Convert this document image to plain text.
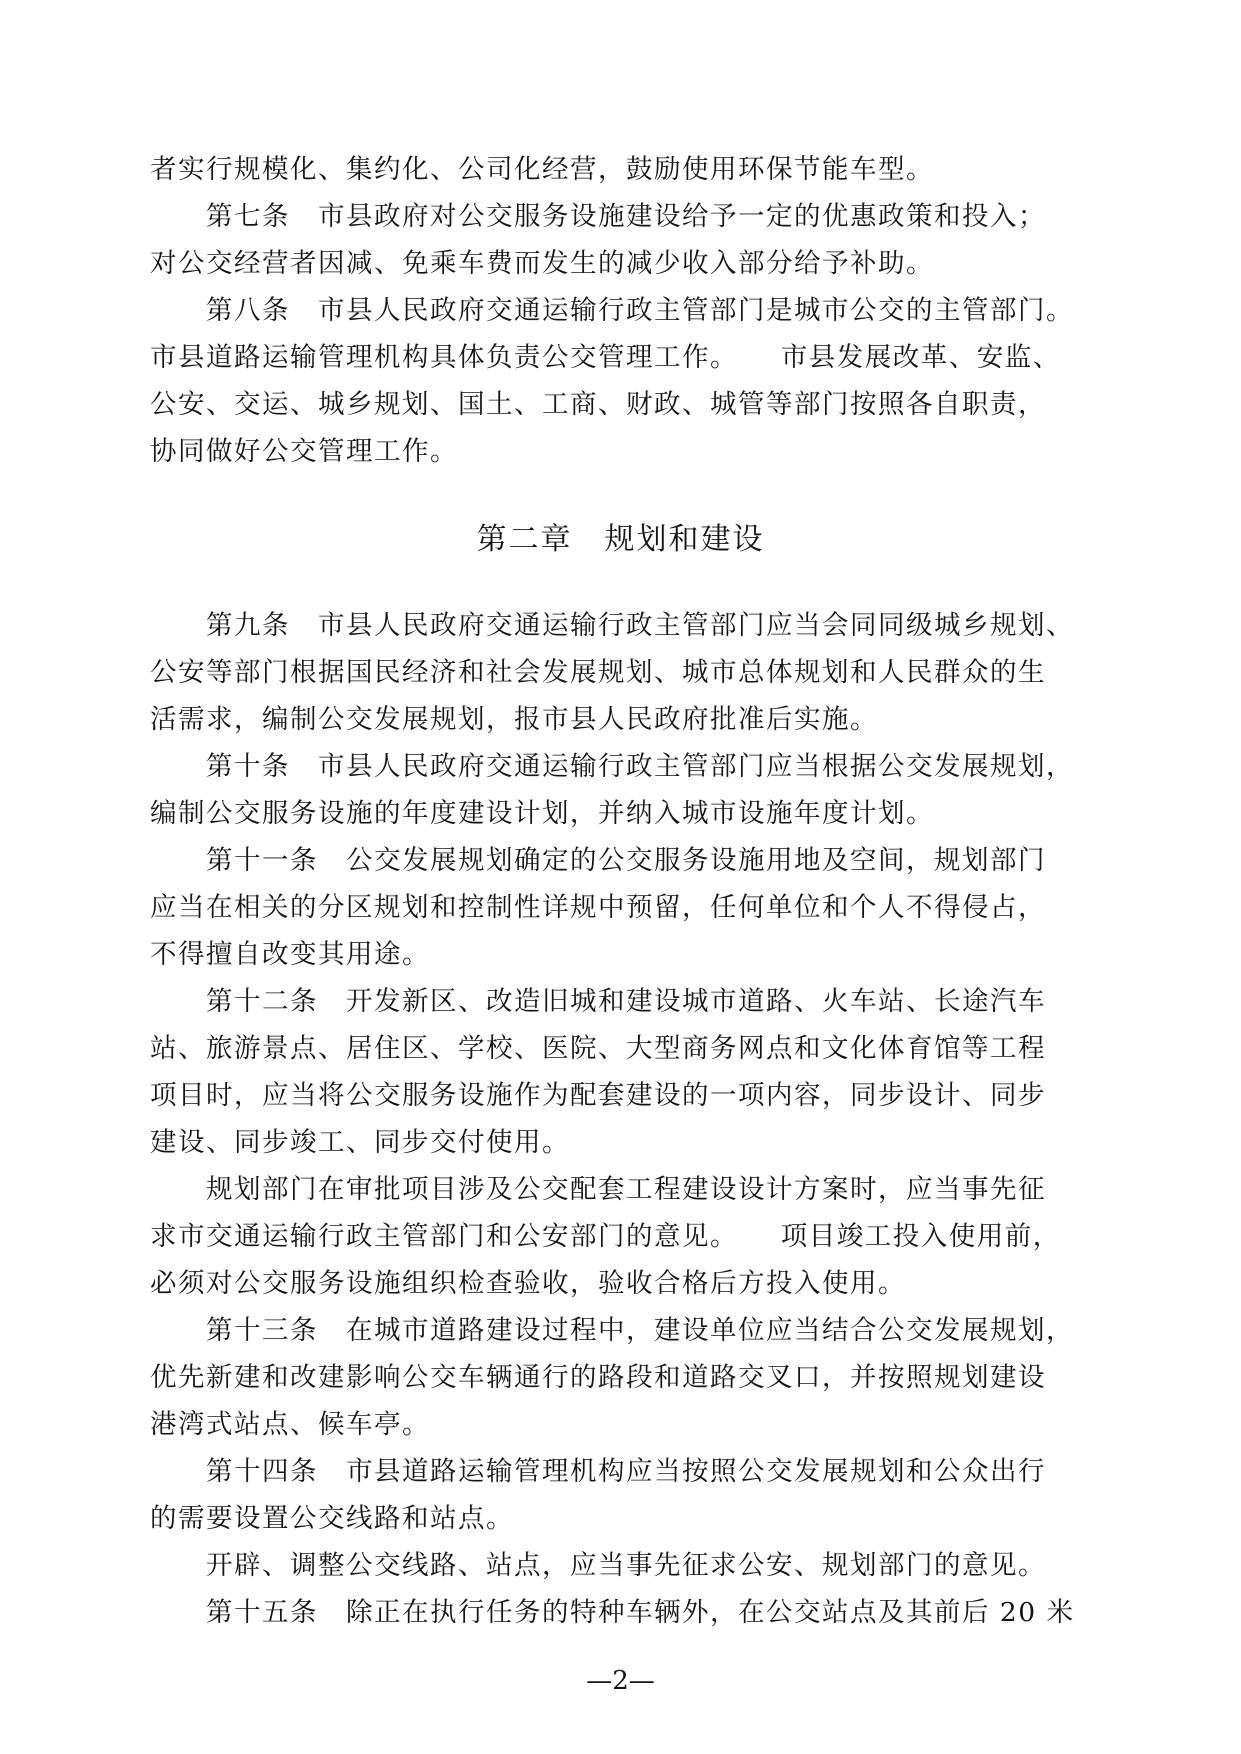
者实行规模化、集约化、公司化经营，鼓励使用环保节能车型。
第七条　市县政府对公交服务设施建设给予一定的优惠政策和投入；
对公交经营者因减、免乘车费而发生的减少收入部分给予补助。
第八条　市县人民政府交通运输行政主管部门是城市公交的主管部门。
市县道路运输管理机构具体负责公交管理工作。　　市县发展改革、安监、
公安、交运、城乡规划、国土、工商、财政、城管等部门按照各自职责，
协同做好公交管理工作。
第二章　规划和建设
第九条　市县人民政府交通运输行政主管部门应当会同同级城乡规划、
公安等部门根据国民经济和社会发展规划、城市总体规划和人民群众的生
活需求，编制公交发展规划，报市县人民政府批准后实施。
第十条　市县人民政府交通运输行政主管部门应当根据公交发展规划，
编制公交服务设施的年度建设计划，并纳入城市设施年度计划。
第十一条　公交发展规划确定的公交服务设施用地及空间，规划部门
应当在相关的分区规划和控制性详规中预留，任何单位和个人不得侵占，
不得擅自改变其用途。
第十二条　开发新区、改造旧城和建设城市道路、火车站、长途汽车
站、旅游景点、居住区、学校、医院、大型商务网点和文化体育馆等工程
项目时，应当将公交服务设施作为配套建设的一项内容，同步设计、同步
建设、同步竣工、同步交付使用。
规划部门在审批项目涉及公交配套工程建设设计方案时，应当事先征
求市交通运输行政主管部门和公安部门的意见。　　项目竣工投入使用前，
必须对公交服务设施组织检查验收，验收合格后方投入使用。
第十三条　在城市道路建设过程中，建设单位应当结合公交发展规划，
优先新建和改建影响公交车辆通行的路段和道路交叉口，并按照规划建设
港湾式站点、候车亭。
第十四条　市县道路运输管理机构应当按照公交发展规划和公众出行
的需要设置公交线路和站点。
开辟、调整公交线路、站点，应当事先征求公安、规划部门的意见。
第十五条　除正在执行任务的特种车辆外，在公交站点及其前后 20 米
—2—
